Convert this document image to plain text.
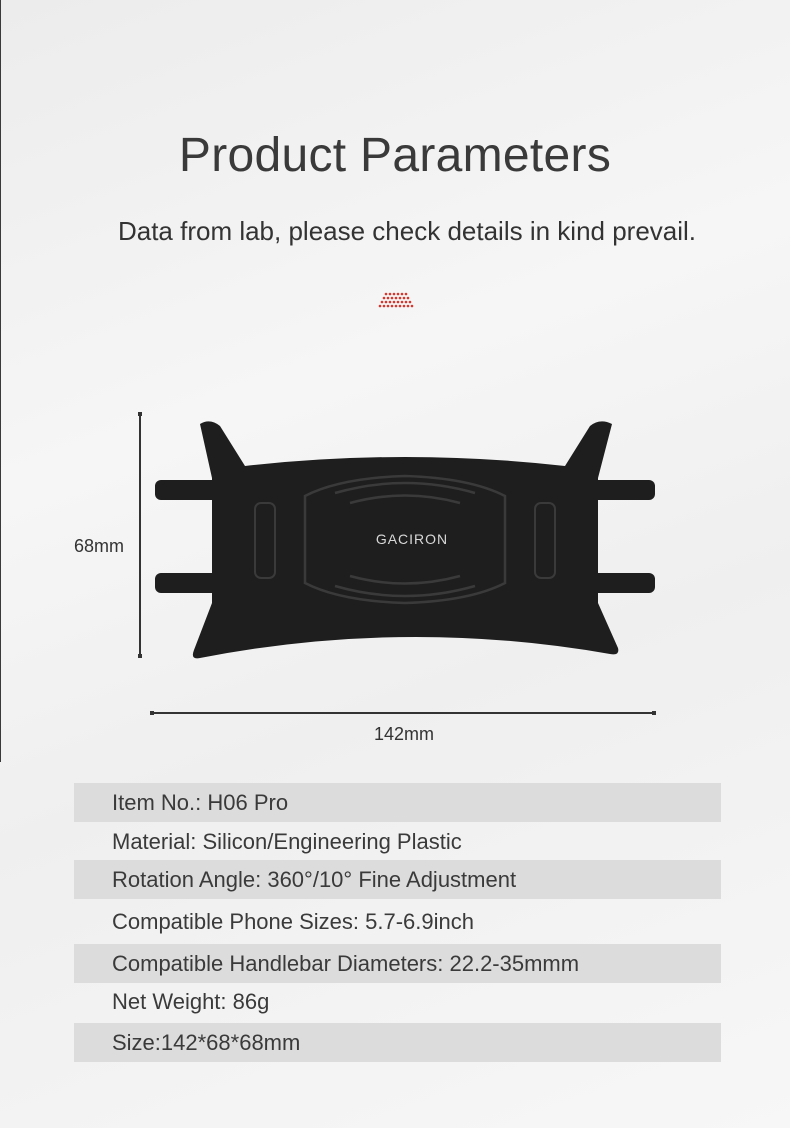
Product Parameters
Data from lab, please check details in kind prevail.
68mm
142mm
GACIRON
Item No.: H06 Pro
Material: Silicon/Engineering Plastic
Rotation Angle: 360°/10° Fine Adjustment
Compatible Phone Sizes: 5.7-6.9inch
Compatible Handlebar Diameters: 22.2-35mmm
Net Weight: 86g
Size:142*68*68mm
